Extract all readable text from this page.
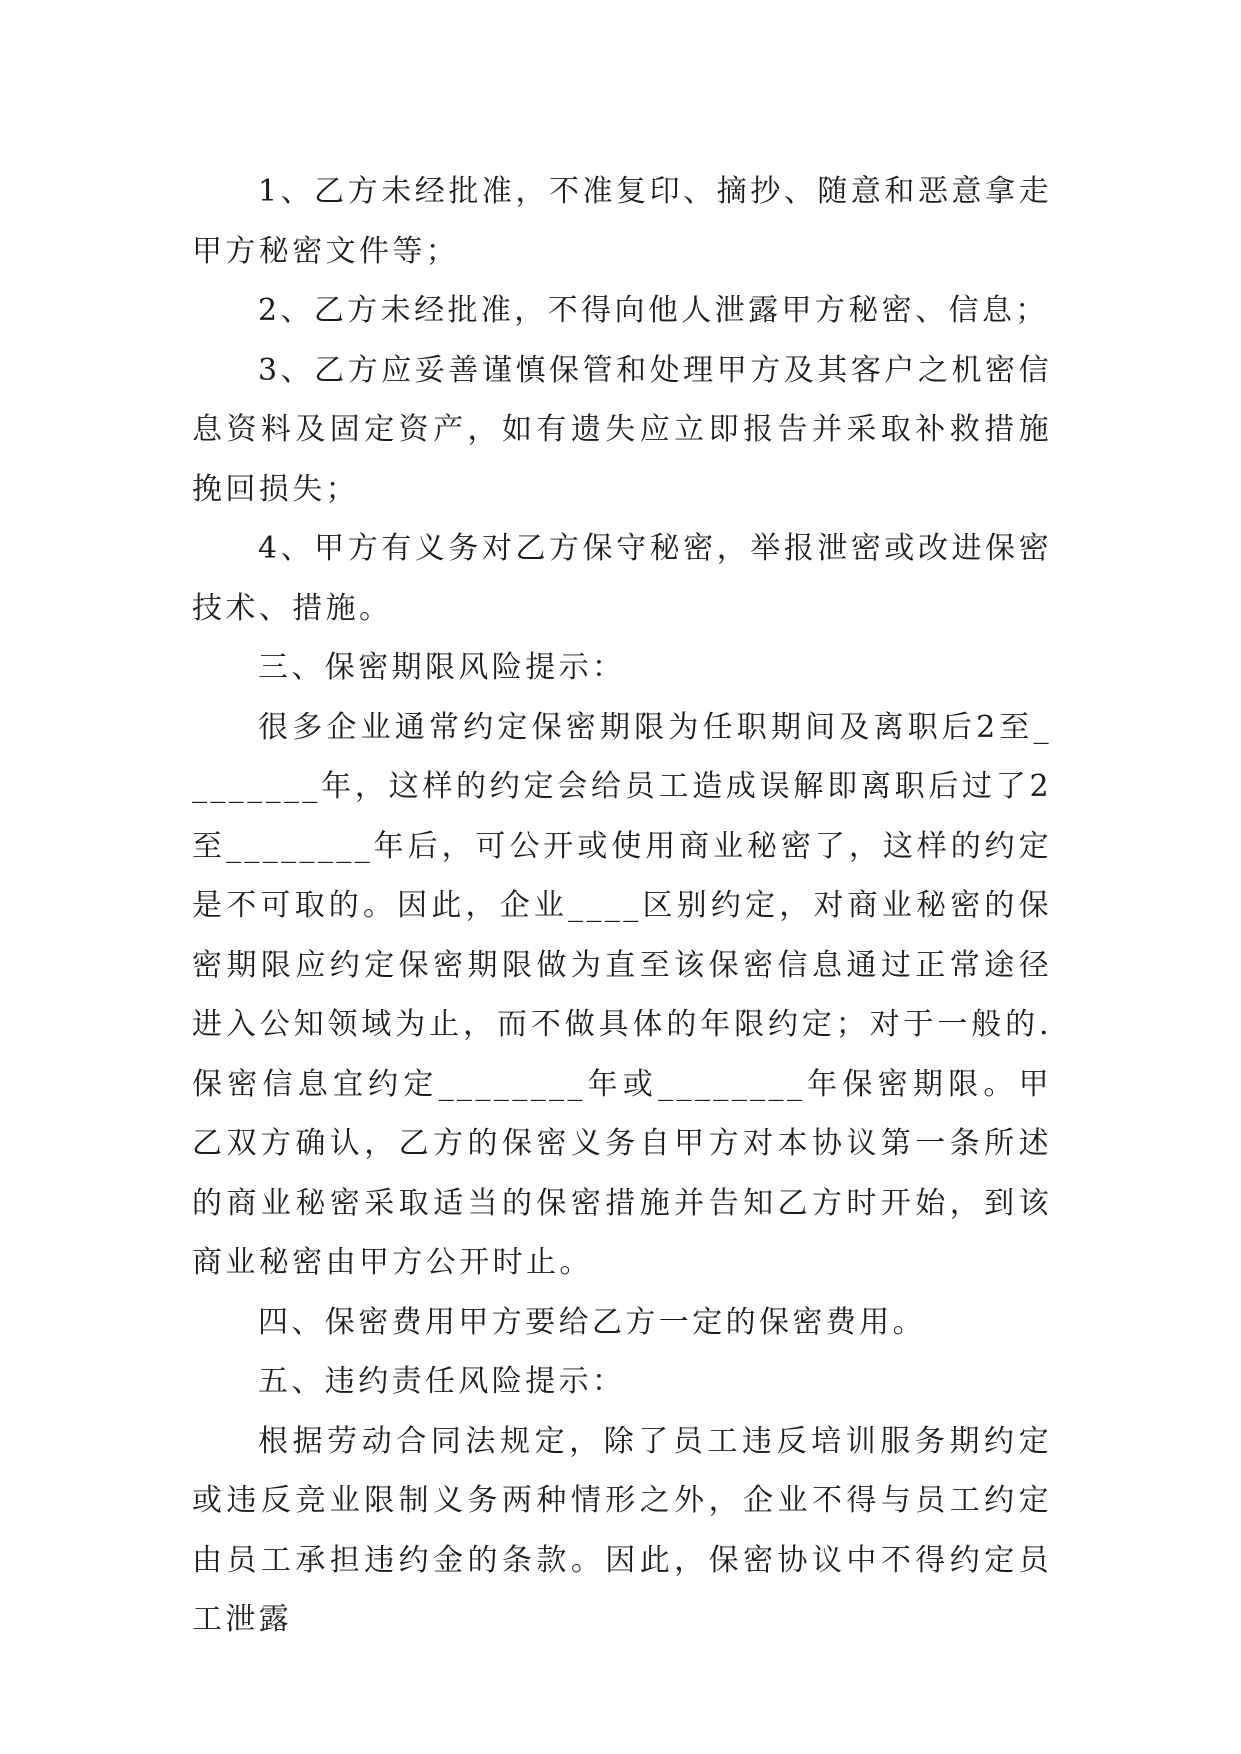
1、乙方未经批准，不准复印、摘抄、随意和恶意拿走甲方秘密文件等；

2、乙方未经批准，不得向他人泄露甲方秘密、信息；

3、乙方应妥善谨慎保管和处理甲方及其客户之机密信息资料及固定资产，如有遗失应立即报告并采取补救措施挽回损失；

4、甲方有义务对乙方保守秘密，举报泄密或改进保密技术、措施。

三、保密期限风险提示：

很多企业通常约定保密期限为任职期间及离职后2至________年，这样的约定会给员工造成误解即离职后过了2至________年后，可公开或使用商业秘密了，这样的约定是不可取的。因此，企业____区别约定，对商业秘密的保密期限应约定保密期限做为直至该保密信息通过正常途径进入公知领域为止，而不做具体的年限约定；对于一般的.保密信息宜约定________年或________年保密期限。甲乙双方确认，乙方的保密义务自甲方对本协议第一条所述的商业秘密采取适当的保密措施并告知乙方时开始，到该商业秘密由甲方公开时止。

四、保密费用甲方要给乙方一定的保密费用。

五、违约责任风险提示：

根据劳动合同法规定，除了员工违反培训服务期约定或违反竞业限制义务两种情形之外，企业不得与员工约定由员工承担违约金的条款。因此，保密协议中不得约定员工泄露
